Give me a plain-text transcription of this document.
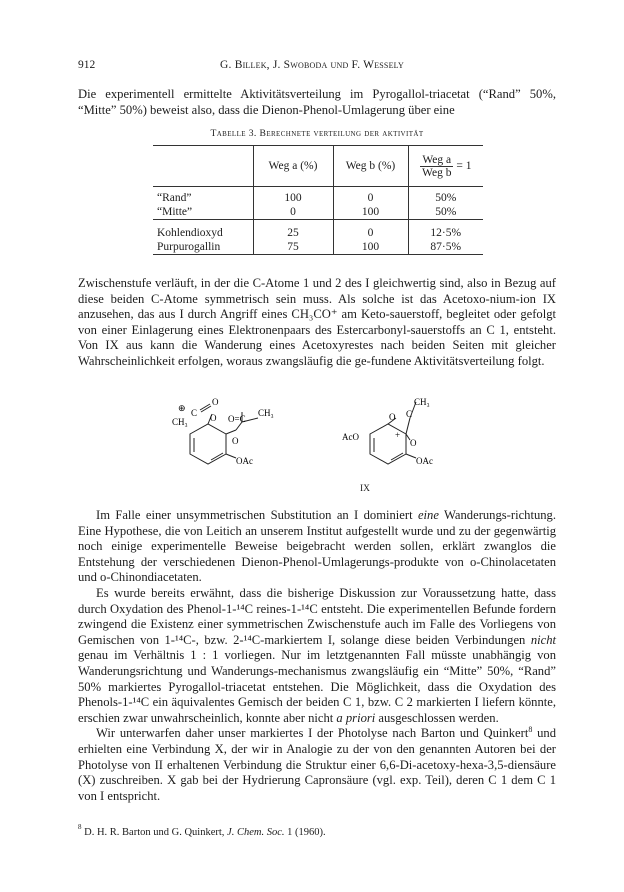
912	G. Billek, J. Swoboda und F. Wessely

Die experimentell ermittelte Aktivitätsverteilung im Pyrogallol-triacetat (“Rand” 50%, “Mitte” 50%) beweist also, dass die Dienon-Phenol-Umlagerung über eine

Tabelle 3. Berechnete verteilung der aktivität
	Weg a (%)	Weg b (%)	$\frac{\text{Weg a}}{\text{Weg b}} = 1$

“Rand”	100	0	50%
“Mitte”	0	100	50%

Kohlendioxyd	25	0	12·5%
Purpurogallin	75	100	87·5%

Zwischenstufe verläuft, in der die C-Atome 1 und 2 des I gleichwertig sind, also in Bezug auf diese beiden C-Atome symmetrisch sein muss. Als solche ist das Acetoxo-nium-ion IX anzusehen, das aus I durch Angriff eines CH₃CO⁺ am Keto-sauerstoff, begleitet oder gefolgt von einer Einlagerung eines Elektronenpaars des Estercarbonyl-sauerstoffs an C 1, entsteht. Von IX aus kann die Wanderung eines Acetoxyrestes nach beiden Seiten mit gleicher Wahrscheinlichkeit erfolgen, woraus zwangsläufig die ge-fundene Aktivitätsverteilung folgt.

⊕ C
O
CH₃ O O=C
CH₃
O
OAc
CH₃
C
O
AcO	+
O
OAc
IX

Im Falle einer unsymmetrischen Substitution an I dominiert eine Wanderungs-richtung. Eine Hypothese, die von Leitich an unserem Institut aufgestellt wurde und zu der gegenwärtig noch einige experimentelle Beweise beigebracht werden sollen, erklärt zwanglos die Entstehung der verschiedenen Dienon-Phenol-Umlagerungs-produkte von o-Chinolacetaten und o-Chinondiacetaten.

Es wurde bereits erwähnt, dass die bisherige Diskussion zur Voraussetzung hatte, dass durch Oxydation des Phenol-1-¹⁴C reines-1-¹⁴C entsteht. Die experimentellen Befunde fordern zwingend die Existenz einer symmetrischen Zwischenstufe auch im Falle des Vorliegens von Gemischen von 1-¹⁴C-, bzw. 2-¹⁴C-markiertem I, solange diese beiden Verbindungen nicht genau im Verhältnis 1 : 1 vorliegen. Nur im letztgenannten Fall müsste unabhängig von Wanderungsrichtung und Wanderungs-mechanismus zwangsläufig ein “Mitte” 50%, “Rand” 50% markiertes Pyrogallol-triacetat entstehen. Die Möglichkeit, dass die Oxydation des Phenols-1-¹⁴C ein äquivalentes Gemisch der beiden C 1, bzw. C 2 markierten I liefern könnte, erschien zwar unwahrscheinlich, konnte aber nicht a priori ausgeschlossen werden.

Wir unterwarfen daher unser markiertes I der Photolyse nach Barton und Quinkert$^8$ und erhielten eine Verbindung X, der wir in Analogie zu der von den genannten Autoren bei der Photolyse von II erhaltenen Verbindung die Struktur einer 6,6-Di-acetoxy-hexa-3,5-diensäure (X) zuschreiben. X gab bei der Hydrierung Capronsäure (vgl. exp. Teil), deren C 1 dem C 1 von I entspricht.

$^8$ D. H. R. Barton und G. Quinkert, J. Chem. Soc. 1 (1960).
